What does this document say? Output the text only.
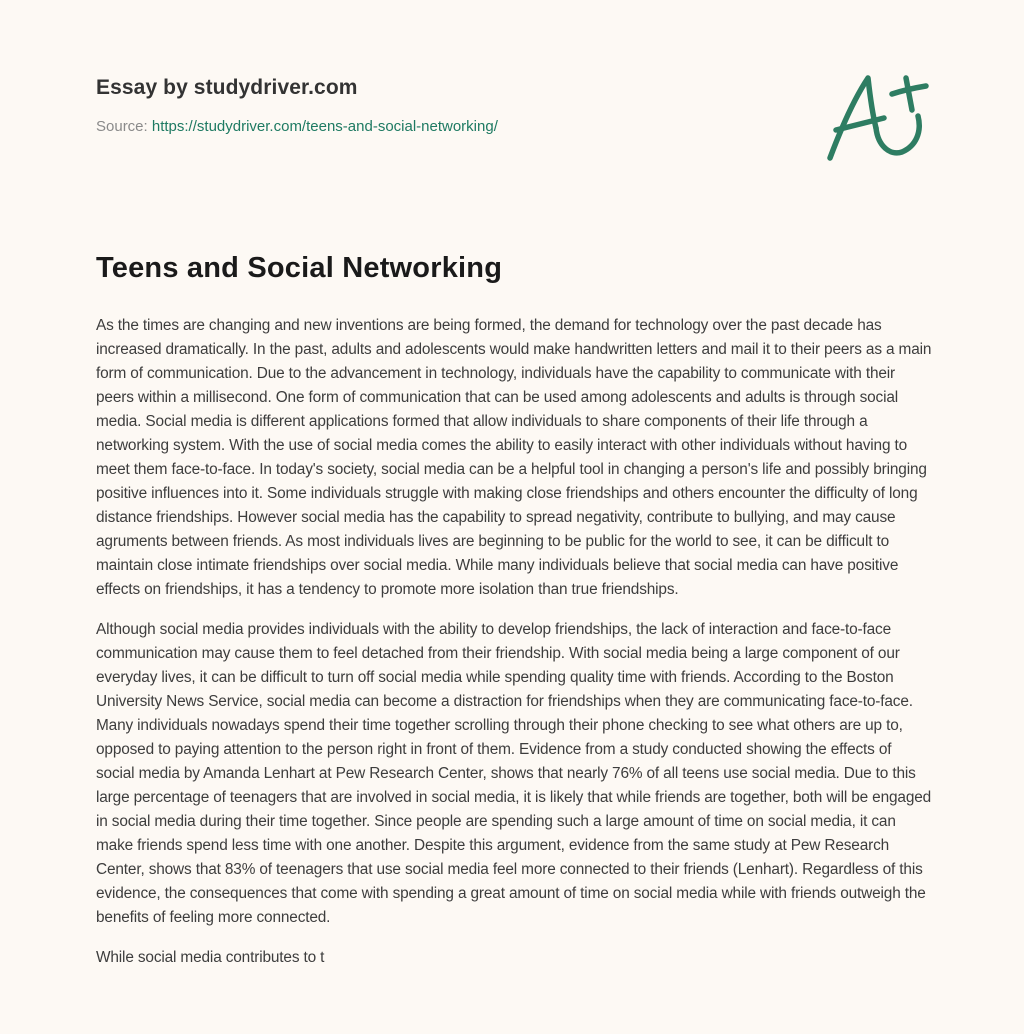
Essay by studydriver.com
Source: https://studydriver.com/teens-and-social-networking/
Teens and Social Networking

As the times are changing and new inventions are being formed, the demand for technology over the past decade has increased dramatically. In the past, adults and adolescents would make handwritten letters and mail it to their peers as a main form of communication. Due to the advancement in technology, individuals have the capability to communicate with their peers within a millisecond. One form of communication that can be used among adolescents and adults is through social media. Social media is different applications formed that allow individuals to share components of their life through a networking system. With the use of social media comes the ability to easily interact with other individuals without having to meet them face-to-face. In today's society, social media can be a helpful tool in changing a person's life and possibly bringing positive influences into it. Some individuals struggle with making close friendships and others encounter the difficulty of long distance friendships. However social media has the capability to spread negativity, contribute to bullying, and may cause agruments between friends. As most individuals lives are beginning to be public for the world to see, it can be difficult to maintain close intimate friendships over social media. While many individuals believe that social media can have positive effects on friendships, it has a tendency to promote more isolation than true friendships.

Although social media provides individuals with the ability to develop friendships, the lack of interaction and face-to-face communication may cause them to feel detached from their friendship. With social media being a large component of our everyday lives, it can be difficult to turn off social media while spending quality time with friends. According to the Boston University News Service, social media can become a distraction for friendships when they are communicating face-to-face. Many individuals nowadays spend their time together scrolling through their phone checking to see what others are up to, opposed to paying attention to the person right in front of them. Evidence from a study conducted showing the effects of social media by Amanda Lenhart at Pew Research Center, shows that nearly 76% of all teens use social media. Due to this large percentage of teenagers that are involved in social media, it is likely that while friends are together, both will be engaged in social media during their time together. Since people are spending such a large amount of time on social media, it can make friends spend less time with one another. Despite this argument, evidence from the same study at Pew Research Center, shows that 83% of teenagers that use social media feel more connected to their friends (Lenhart). Regardless of this evidence, the consequences that come with spending a great amount of time on social media while with friends outweigh the benefits of feeling more connected.

While social media contributes to t
